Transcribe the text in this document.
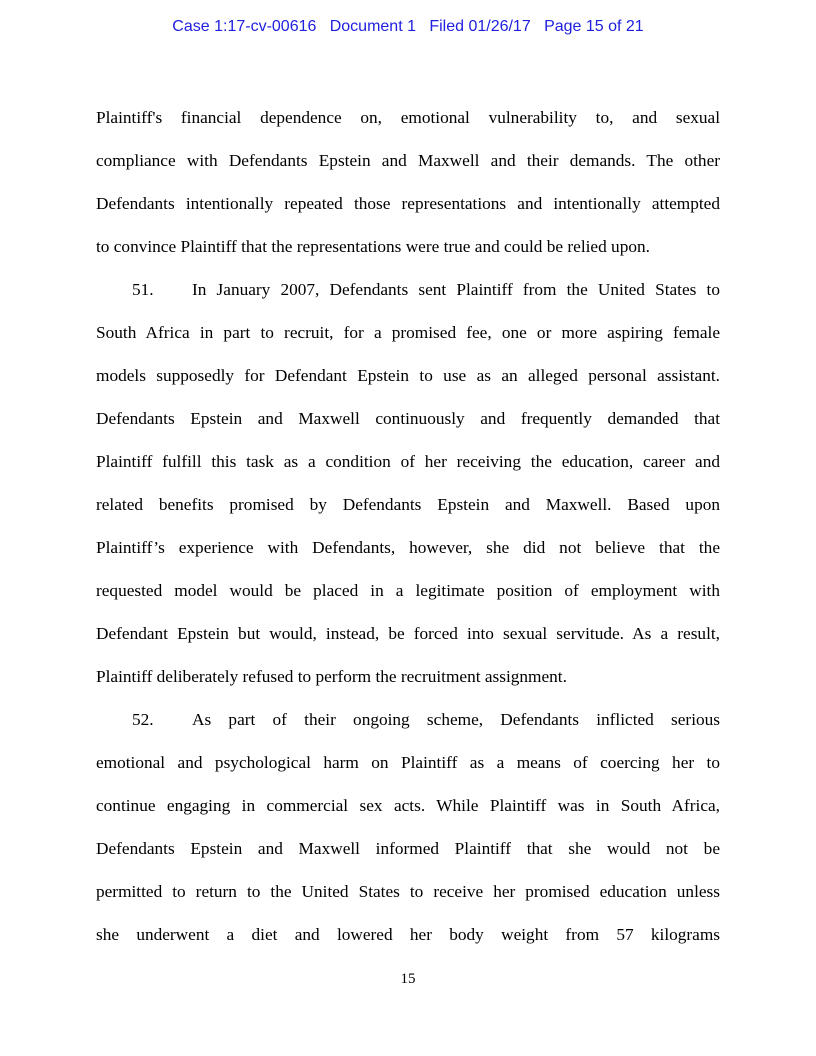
Case 1:17-cv-00616   Document 1   Filed 01/26/17   Page 15 of 21
Plaintiff's financial dependence on, emotional vulnerability to, and sexual
compliance with Defendants Epstein and Maxwell and their demands. The other
Defendants intentionally repeated those representations and intentionally attempted
to convince Plaintiff that the representations were true and could be relied upon.
51. In January 2007, Defendants sent Plaintiff from the United States to
South Africa in part to recruit, for a promised fee, one or more aspiring female
models supposedly for Defendant Epstein to use as an alleged personal assistant.
Defendants Epstein and Maxwell continuously and frequently demanded that
Plaintiff fulfill this task as a condition of her receiving the education, career and
related benefits promised by Defendants Epstein and Maxwell. Based upon
Plaintiff’s experience with Defendants, however, she did not believe that the
requested model would be placed in a legitimate position of employment with
Defendant Epstein but would, instead, be forced into sexual servitude. As a result,
Plaintiff deliberately refused to perform the recruitment assignment.
52. As part of their ongoing scheme, Defendants inflicted serious
emotional and psychological harm on Plaintiff as a means of coercing her to
continue engaging in commercial sex acts. While Plaintiff was in South Africa,
Defendants Epstein and Maxwell informed Plaintiff that she would not be
permitted to return to the United States to receive her promised education unless
she underwent a diet and lowered her body weight from 57 kilograms
15
